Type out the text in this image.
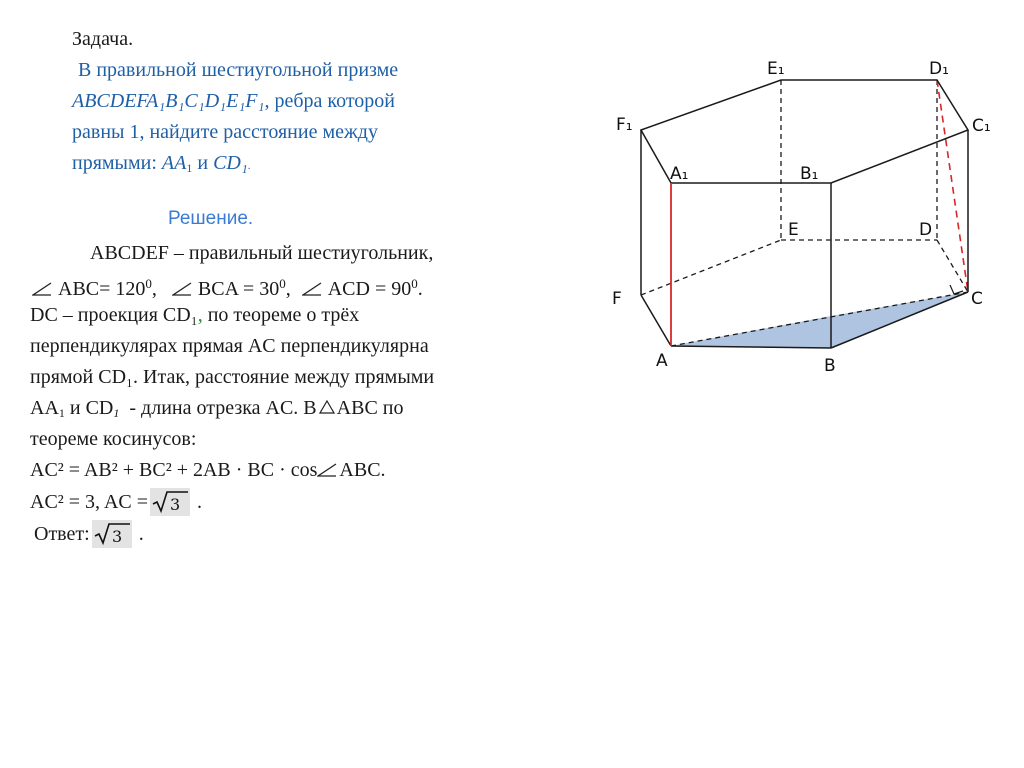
Задача.
В правильной шестиугольной призме
ABCDEFA₁B₁C₁D₁E₁F₁, ребра которой
равны 1, найдите расстояние между
прямыми: $AA_1$ и CD₁.
Решение.
ABCDEF – правильный шестиугольник,
$ABC= 120^0$, BCA = $30^0$, ACD = $90^0$.
DC – проекция CD₁, по теореме о трёх
перпендикулярах прямая AC перпендикулярна
прямой CD₁. Итак, расстояние между прямыми
$AA_1$ и $CD_1$ - длина отрезка AC. В ABC по
теореме косинусов:
AC² = AB² + BC² + 2AB · BC · cos ABC.
AC² = 3, AC = 3 .
Ответ: 3 .
E₁	D₁
F₁	C₁
A₁	B₁
E	D
F	C
A	B
